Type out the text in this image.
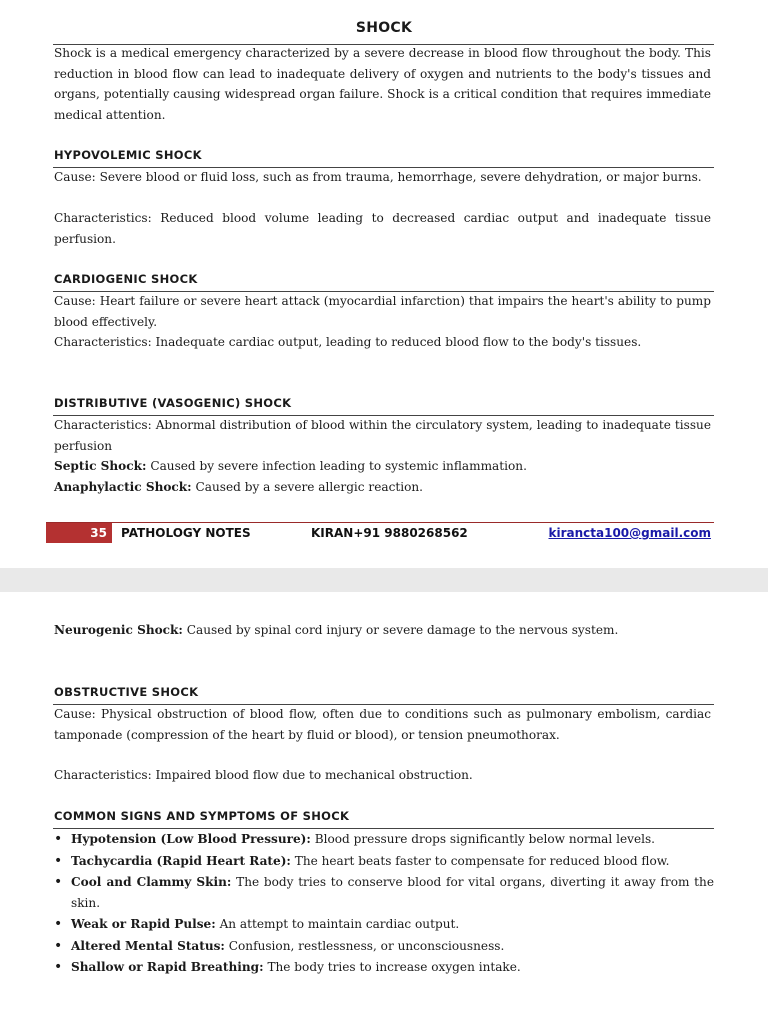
SHOCK
Shock is a medical emergency characterized by a severe decrease in blood flow throughout the body. This reduction in blood flow can lead to inadequate delivery of oxygen and nutrients to the body's tissues and organs, potentially causing widespread organ failure. Shock is a critical condition that requires immediate medical attention.
HYPOVOLEMIC SHOCK
Cause: Severe blood or fluid loss, such as from trauma, hemorrhage, severe dehydration, or major burns.
Characteristics: Reduced blood volume leading to decreased cardiac output and inadequate tissue perfusion.
CARDIOGENIC SHOCK
Cause: Heart failure or severe heart attack (myocardial infarction) that impairs the heart's ability to pump blood effectively.
Characteristics: Inadequate cardiac output, leading to reduced blood flow to the body's tissues.
DISTRIBUTIVE (VASOGENIC) SHOCK
Characteristics: Abnormal distribution of blood within the circulatory system, leading to inadequate tissue perfusion
Septic Shock: Caused by severe infection leading to systemic inflammation.
Anaphylactic Shock: Caused by a severe allergic reaction.
35	PATHOLOGY NOTES	KIRAN+91 9880268562	kirancta100@gmail.com
Neurogenic Shock: Caused by spinal cord injury or severe damage to the nervous system.
OBSTRUCTIVE SHOCK
Cause: Physical obstruction of blood flow, often due to conditions such as pulmonary embolism, cardiac tamponade (compression of the heart by fluid or blood), or tension pneumothorax.
Characteristics: Impaired blood flow due to mechanical obstruction.
COMMON SIGNS AND SYMPTOMS OF SHOCK
• Hypotension (Low Blood Pressure): Blood pressure drops significantly below normal levels.
• Tachycardia (Rapid Heart Rate): The heart beats faster to compensate for reduced blood flow.
• Cool and Clammy Skin: The body tries to conserve blood for vital organs, diverting it away from the skin.
• Weak or Rapid Pulse: An attempt to maintain cardiac output.
• Altered Mental Status: Confusion, restlessness, or unconsciousness.
• Shallow or Rapid Breathing: The body tries to increase oxygen intake.
